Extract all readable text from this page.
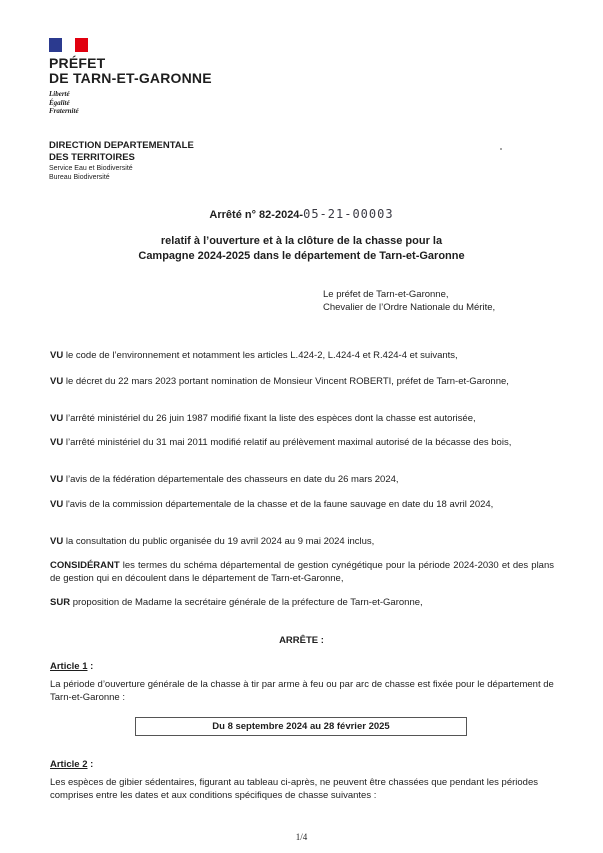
PRÉFET
DE TARN-ET-GARONNE
Liberté
Égalité
Fraternité
DIRECTION DEPARTEMENTALE
DES TERRITOIRES
Service Eau et Biodiversité
Bureau Biodiversité
Arrêté n° 82-2024-05-21-00003
relatif à l’ouverture et à la clôture de la chasse pour la
Campagne 2024-2025 dans le département de Tarn-et-Garonne
Le préfet de Tarn-et-Garonne,
Chevalier de l’Ordre Nationale du Mérite,
VU le code de l’environnement et notamment les articles L.424-2, L.424-4 et R.424-4 et suivants,
VU le décret du 22 mars 2023 portant nomination de Monsieur Vincent ROBERTI, préfet de Tarn-et-Garonne,
VU l’arrêté ministériel du 26 juin 1987 modifié fixant la liste des espèces dont la chasse est autorisée,
VU l’arrêté ministériel du 31 mai 2011 modifié relatif au prélèvement maximal autorisé de la bécasse des bois,
VU l’avis de la fédération départementale des chasseurs en date du 26 mars 2024,
VU l'avis de la commission départementale de la chasse et de la faune sauvage en date du 18 avril 2024,
VU la consultation du public organisée du 19 avril 2024 au 9 mai 2024 inclus,
CONSIDÉRANT les termes du schéma départemental de gestion cynégétique pour la période 2024-2030 et des plans de gestion qui en découlent dans le département de Tarn-et-Garonne,
SUR proposition de Madame la secrétaire générale de la préfecture de Tarn-et-Garonne,
ARRÊTE :
Article 1 :
La période d’ouverture générale de la chasse à tir par arme à feu ou par arc de chasse est fixée pour le département de Tarn-et-Garonne :
Du 8 septembre 2024 au 28 février 2025
Article 2 :
Les espèces de gibier sédentaires, figurant au tableau ci-après, ne peuvent être chassées que pendant les périodes comprises entre les dates et aux conditions spécifiques de chasse suivantes :
1/4
